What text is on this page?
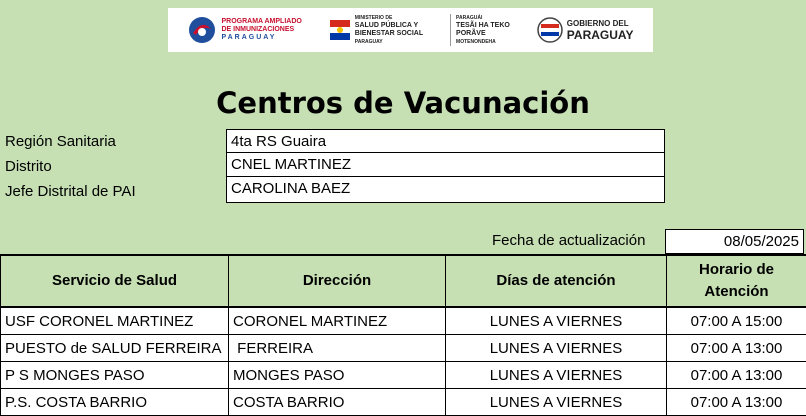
PROGRAMA AMPLIADO
DE INMUNIZACIONES
PARAGUAY
MINISTERIO DE
SALUD PÚBLICA Y
BIENESTAR SOCIAL
PARAGUAY
PARAGUÁI
TESÃI HA TEKO
PORÃVE
MOTENONDEHA
GOBIERNO DEL
PARAGUAY
Centros de Vacunación
Región Sanitaria	4ta RS Guaira
Distrito	CNEL MARTINEZ
Jefe Distrital de PAI	CAROLINA BAEZ
Fecha de actualización	08/05/2025
Servicio de Salud	Dirección	Días de atención	Horario de Atención
USF CORONEL MARTINEZ	CORONEL MARTINEZ	LUNES A VIERNES	07:00 A 15:00
PUESTO de SALUD FERREIRA	FERREIRA	LUNES A VIERNES	07:00 A 13:00
P S MONGES PASO	MONGES PASO	LUNES A VIERNES	07:00 A 13:00
P.S. COSTA BARRIO	COSTA BARRIO	LUNES A VIERNES	07:00 A 13:00
